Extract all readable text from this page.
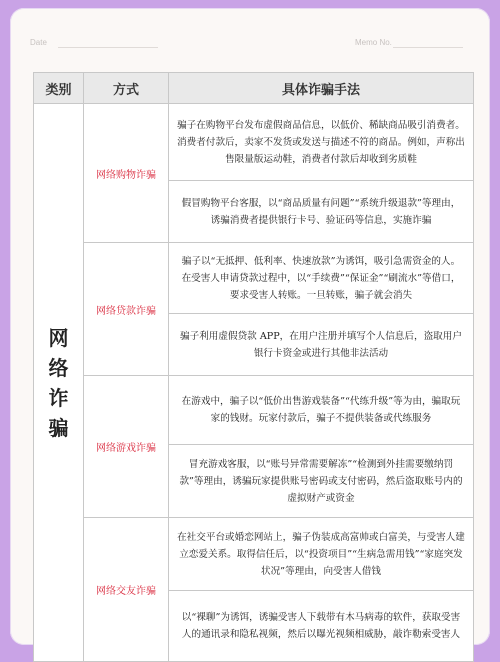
Date	Memo No.
类别	方式	具体诈骗手法

网
络
诈
骗	网络购物诈骗	骗子在购物平台发布虚假商品信息，以低价、稀缺商品吸引消费者。消费者付款后，卖家不发货或发送与描述不符的商品。例如，声称出售限量版运动鞋，消费者付款后却收到劣质鞋
		假冒购物平台客服，以“商品质量有问题”“系统升级退款”等理由，诱骗消费者提供银行卡号、验证码等信息，实施诈骗
	网络贷款诈骗	骗子以“无抵押、低利率、快速放款”为诱饵，吸引急需资金的人。在受害人申请贷款过程中，以“手续费”“保证金”“刷流水”等借口，要求受害人转账。一旦转账，骗子就会消失
		骗子利用虚假贷款 APP，在用户注册并填写个人信息后，盗取用户银行卡资金或进行其他非法活动
	网络游戏诈骗	在游戏中，骗子以“低价出售游戏装备”“代练升级”等为由，骗取玩家的钱财。玩家付款后，骗子不提供装备或代练服务
		冒充游戏客服，以“账号异常需要解冻”“检测到外挂需要缴纳罚款”等理由，诱骗玩家提供账号密码或支付密码，然后盗取账号内的虚拟财产或资金
	网络交友诈骗	在社交平台或婚恋网站上，骗子伪装成高富帅或白富美，与受害人建立恋爱关系。取得信任后，以“投资项目”“生病急需用钱”“家庭突发状况”等理由，向受害人借钱
		以“裸聊”为诱饵，诱骗受害人下载带有木马病毒的软件，获取受害人的通讯录和隐私视频，然后以曝光视频相威胁，敲诈勒索受害人
